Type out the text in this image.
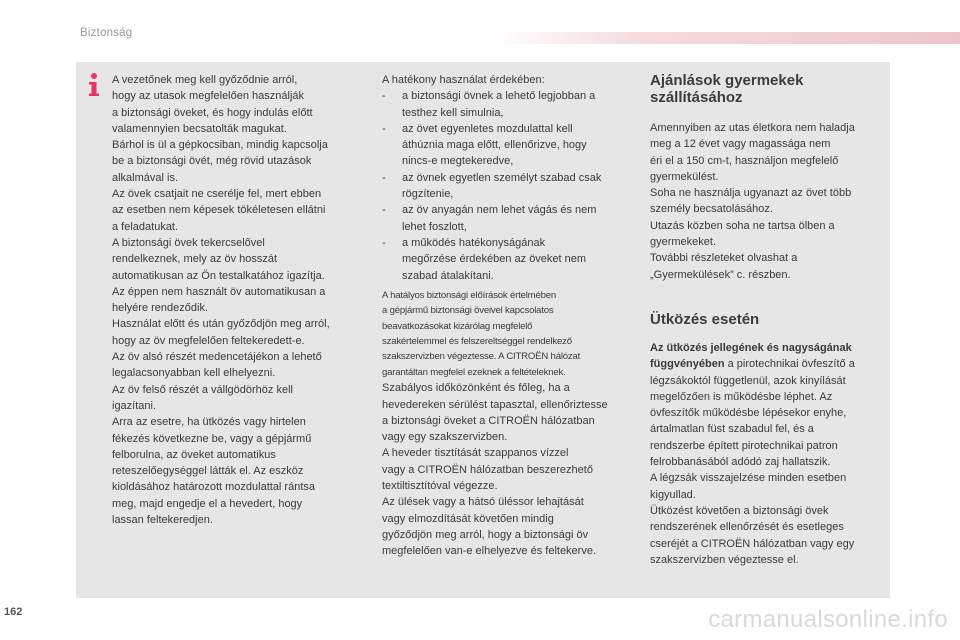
Biztonság
A vezetőnek meg kell győződnie arról,
hogy az utasok megfelelően használják
a biztonsági öveket, és hogy indulás előtt
valamennyien becsatolták magukat.
Bárhol is ül a gépkocsiban, mindig kapcsolja
be a biztonsági övét, még rövid utazások
alkalmával is.
Az övek csatjait ne cserélje fel, mert ebben
az esetben nem képesek tökéletesen ellátni
a feladatukat.
A biztonsági övek tekercselővel
rendelkeznek, mely az öv hosszát
automatikusan az Ön testalkatához igazítja.
Az éppen nem használt öv automatikusan a
helyére rendeződik.
Használat előtt és után győződjön meg arról,
hogy az öv megfelelően feltekeredett-e.
Az öv alsó részét medencetájékon a lehető
legalacsonyabban kell elhelyezni.
Az öv felső részét a vállgödörhöz kell
igazítani.
Arra az esetre, ha ütközés vagy hirtelen
fékezés következne be, vagy a gépjármű
felborulna, az öveket automatikus
reteszelőegységgel látták el. Az eszköz
kioldásához határozott mozdulattal rántsa
meg, majd engedje el a hevedert, hogy
lassan feltekeredjen.

A hatékony használat érdekében:

- a biztonsági övnek a lehető legjobban a
testhez kell simulnia,
- az övet egyenletes mozdulattal kell
áthúznia maga előtt, ellenőrizve, hogy
nincs-e megtekeredve,
- az övnek egyetlen személyt szabad csak
rögzítenie,
- az öv anyagán nem lehet vágás és nem
lehet foszlott,
- a működés hatékonyságának
megőrzése érdekében az öveket nem
szabad átalakítani.
A hatályos biztonsági előírások értelmében
a gépjármű biztonsági öveivel kapcsolatos
beavatkozásokat kizárólag megfelelő
szakértelemmel és felszereltséggel rendelkező
szakszervizben végeztesse. A CITROËN hálózat
garantáltan megfelel ezeknek a feltételeknek.
Szabályos időközönként és főleg, ha a
hevedereken sérülést tapasztal, ellenőriztesse
a biztonsági öveket a CITROËN hálózatban
vagy egy szakszervizben.
A heveder tisztítását szappanos vízzel
vagy a CITROËN hálózatban beszerezhető
textiltisztítóval végezze.
Az ülések vagy a hátsó üléssor lehajtását
vagy elmozdítását követően mindig
győződjön meg arról, hogy a biztonsági öv
megfelelően van-e elhelyezve és feltekerve.
Ajánlások gyermekek
szállításához
Amennyiben az utas életkora nem haladja
meg a 12 évet vagy magassága nem
éri el a 150 cm-t, használjon megfelelő
gyermekülést.
Soha ne használja ugyanazt az övet több
személy becsatolásához.
Utazás közben soha ne tartsa ölben a
gyermekeket.
További részleteket olvashat a
„Gyermekülések” c. részben.
Ütközés esetén
Az ütközés jellegének és nagyságának
függvényében a pirotechnikai övfeszítő a
légzsákoktól függetlenül, azok kinyílását
megelőzően is működésbe léphet. Az
övfeszítők működésbe lépésekor enyhe,
ártalmatlan füst szabadul fel, és a
rendszerbe épített pirotechnikai patron
felrobbanásából adódó zaj hallatszik.
A légzsák visszajelzése minden esetben
kigyullad.
Ütközést követően a biztonsági övek
rendszerének ellenőrzését és esetleges
cseréjét a CITROËN hálózatban vagy egy
szakszervizben végeztesse el.
162	carmanualsonline.info
